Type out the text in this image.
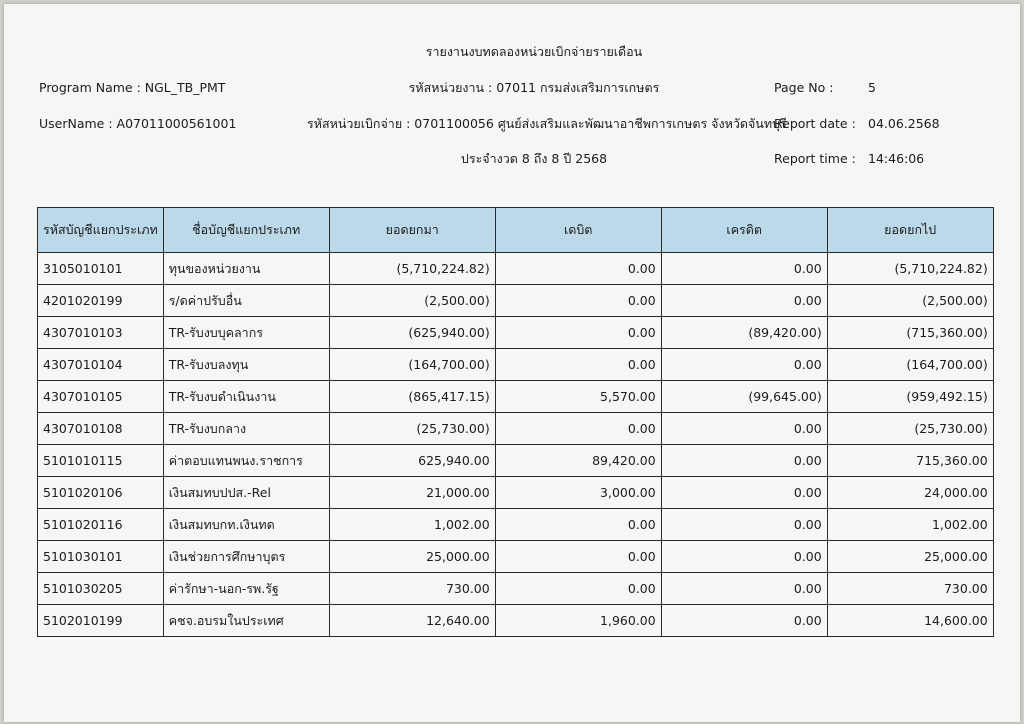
รายงานงบทดลองหน่วยเบิกจ่ายรายเดือน
Program Name : NGL_TB_PMT	รหัสหน่วยงาน : 07011 กรมส่งเสริมการเกษตร	Page No :	5
UserName : A07011000561001	รหัสหน่วยเบิกจ่าย : 0701100056 ศูนย์ส่งเสริมและพัฒนาอาชีพการเกษตร จังหวัดจันทบุรี
Report date : 04.06.2568
ประจำงวด 8 ถึง 8 ปี 2568	Report time : 14:46:06
รหัสบัญชีแยกประเภท	ชื่อบัญชีแยกประเภท	ยอดยกมา	เดบิต	เครดิต	ยอดยกไป
3105010101	ทุนของหน่วยงาน	(5,710,224.82)	0.00	0.00	(5,710,224.82)
4201020199	ร/ดค่าปรับอื่น	(2,500.00)	0.00	0.00	(2,500.00)
4307010103	TR-รับงบบุคลากร	(625,940.00)	0.00	(89,420.00)	(715,360.00)
4307010104	TR-รับงบลงทุน	(164,700.00)	0.00	0.00	(164,700.00)
4307010105	TR-รับงบดำเนินงาน	(865,417.15)	5,570.00	(99,645.00)	(959,492.15)
4307010108	TR-รับงบกลาง	(25,730.00)	0.00	0.00	(25,730.00)
5101010115	ค่าตอบแทนพนง.ราชการ	625,940.00	89,420.00	0.00	715,360.00
5101020106	เงินสมทบปปส.-Rel	21,000.00	3,000.00	0.00	24,000.00
5101020116	เงินสมทบกท.เงินทด	1,002.00	0.00	0.00	1,002.00
5101030101	เงินช่วยการศึกษาบุตร	25,000.00	0.00	0.00	25,000.00
5101030205	ค่ารักษา-นอก-รพ.รัฐ	730.00	0.00	0.00	730.00
5102010199	คชจ.อบรมในประเทศ	12,640.00	1,960.00	0.00	14,600.00
